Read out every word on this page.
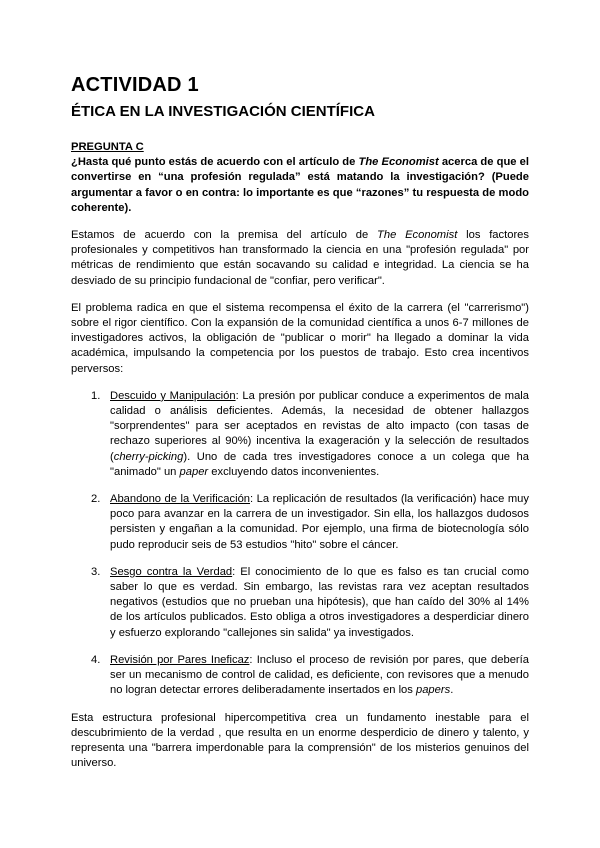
ACTIVIDAD 1
ÉTICA EN LA INVESTIGACIÓN CIENTÍFICA

PREGUNTA C

¿Hasta qué punto estás de acuerdo con el artículo de The Economist acerca de que el convertirse en “una profesión regulada” está matando la investigación? (Puede argumentar a favor o en contra: lo importante es que “razones” tu respuesta de modo coherente).

Estamos de acuerdo con la premisa del artículo de The Economist los factores profesionales y competitivos han transformado la ciencia en una "profesión regulada" por métricas de rendimiento que están socavando su calidad e integridad. La ciencia se ha desviado de su principio fundacional de "confiar, pero verificar".

El problema radica en que el sistema recompensa el éxito de la carrera (el "carrerismo") sobre el rigor científico. Con la expansión de la comunidad científica a unos 6-7 millones de investigadores activos, la obligación de "publicar o morir" ha llegado a dominar la vida académica, impulsando la competencia por los puestos de trabajo. Esto crea incentivos perversos:

1. Descuido y Manipulación: La presión por publicar conduce a experimentos de mala calidad o análisis deficientes. Además, la necesidad de obtener hallazgos "sorprendentes" para ser aceptados en revistas de alto impacto (con tasas de rechazo superiores al 90%) incentiva la exageración y la selección de resultados (cherry-picking). Uno de cada tres investigadores conoce a un colega que ha "animado" un paper excluyendo datos inconvenientes.
2. Abandono de la Verificación: La replicación de resultados (la verificación) hace muy poco para avanzar en la carrera de un investigador. Sin ella, los hallazgos dudosos persisten y engañan a la comunidad. Por ejemplo, una firma de biotecnología sólo pudo reproducir seis de 53 estudios "hito" sobre el cáncer.
3. Sesgo contra la Verdad: El conocimiento de lo que es falso es tan crucial como saber lo que es verdad. Sin embargo, las revistas rara vez aceptan resultados negativos (estudios que no prueban una hipótesis), que han caído del 30% al 14% de los artículos publicados. Esto obliga a otros investigadores a desperdiciar dinero y esfuerzo explorando "callejones sin salida" ya investigados.
4. Revisión por Pares Ineficaz: Incluso el proceso de revisión por pares, que debería ser un mecanismo de control de calidad, es deficiente, con revisores que a menudo no logran detectar errores deliberadamente insertados en los papers.

Esta estructura profesional hipercompetitiva crea un fundamento inestable para el descubrimiento de la verdad , que resulta en un enorme desperdicio de dinero y talento, y representa una "barrera imperdonable para la comprensión" de los misterios genuinos del universo.
